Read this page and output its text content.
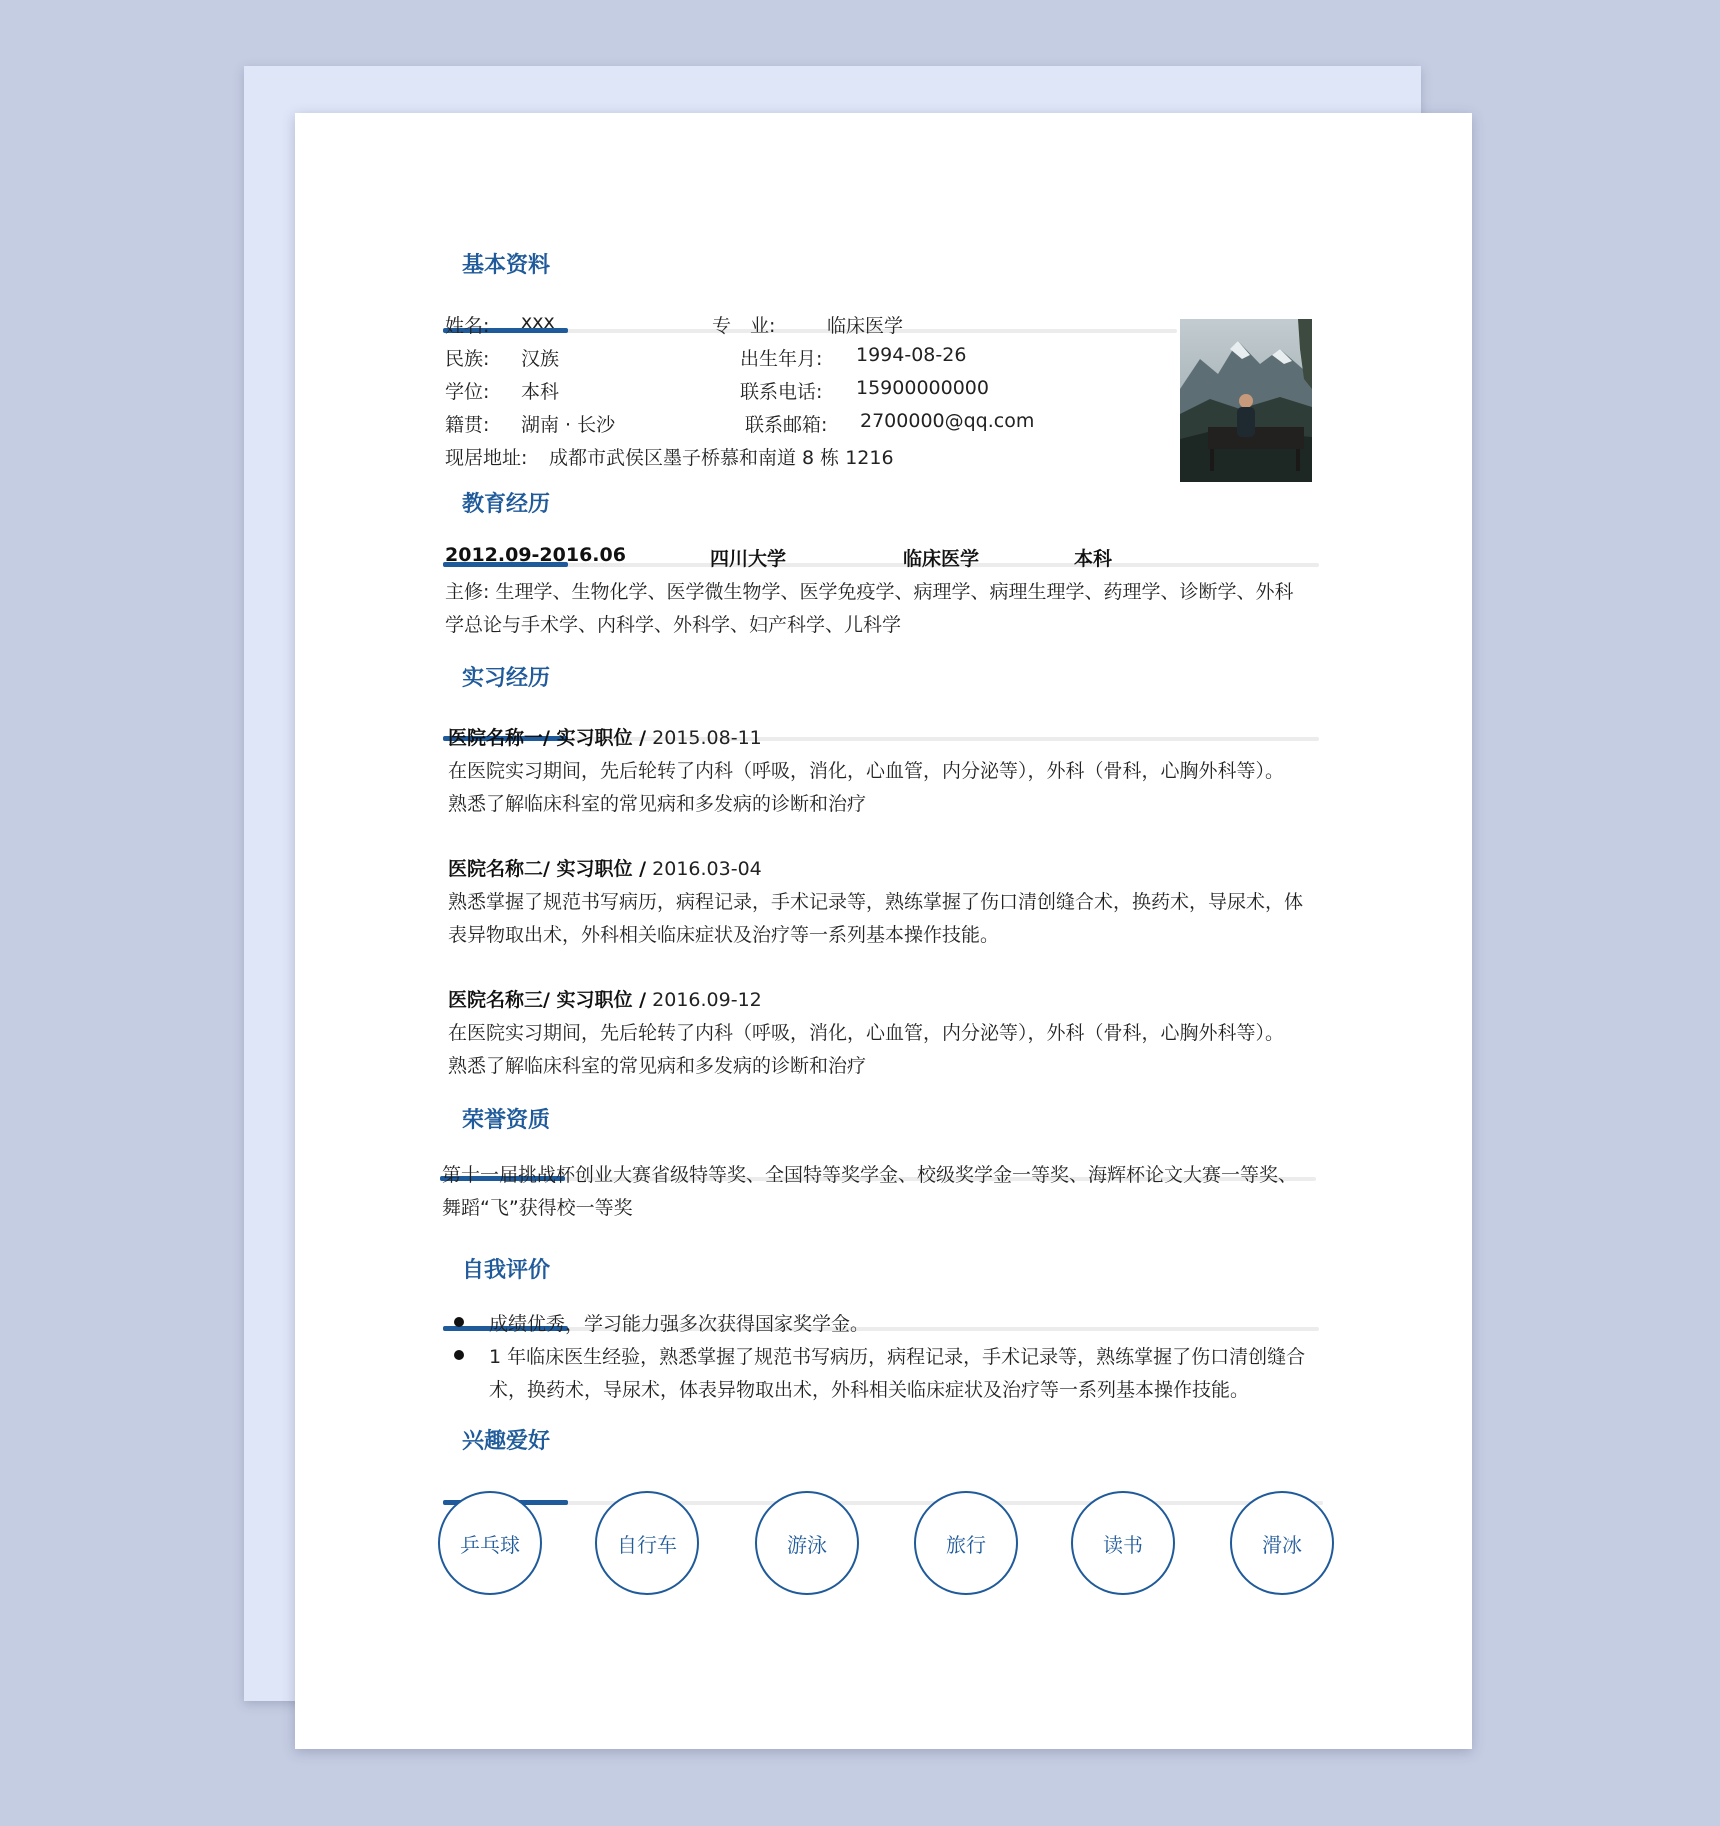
基本资料
姓名: xxx	专　业:	临床医学
民族: 汉族	出生年月: 1994-08-26
学位: 本科	联系电话: 15900000000
籍贯: 湖南 · 长沙	联系邮箱: 2700000@qq.com
现居地址: 成都市武侯区墨子桥慕和南道 8 栋 1216
教育经历
2012.09-2016.06	四川大学	临床医学	本科
主修: 生理学、生物化学、医学微生物学、医学免疫学、病理学、病理生理学、药理学、诊断学、外科
学总论与手术学、内科学、外科学、妇产科学、儿科学
实习经历
医院名称一/ 实习职位 / 2015.08-11
在医院实习期间，先后轮转了内科（呼吸，消化，心血管，内分泌等），外科（骨科，心胸外科等）。
熟悉了解临床科室的常见病和多发病的诊断和治疗
医院名称二/ 实习职位 / 2016.03-04
熟悉掌握了规范书写病历，病程记录，手术记录等，熟练掌握了伤口清创缝合术，换药术，导尿术，体
表异物取出术，外科相关临床症状及治疗等一系列基本操作技能。
医院名称三/ 实习职位 / 2016.09-12
在医院实习期间，先后轮转了内科（呼吸，消化，心血管，内分泌等），外科（骨科，心胸外科等）。
熟悉了解临床科室的常见病和多发病的诊断和治疗
荣誉资质
第十一届挑战杯创业大赛省级特等奖、全国特等奖学金、校级奖学金一等奖、海辉杯论文大赛一等奖、
舞蹈“飞”获得校一等奖
自我评价
成绩优秀，学习能力强多次获得国家奖学金。
1 年临床医生经验，熟悉掌握了规范书写病历，病程记录，手术记录等，熟练掌握了伤口清创缝合
术，换药术，导尿术，体表异物取出术，外科相关临床症状及治疗等一系列基本操作技能。
兴趣爱好
乒乓球	自行车	游泳	旅行	读书	滑冰
